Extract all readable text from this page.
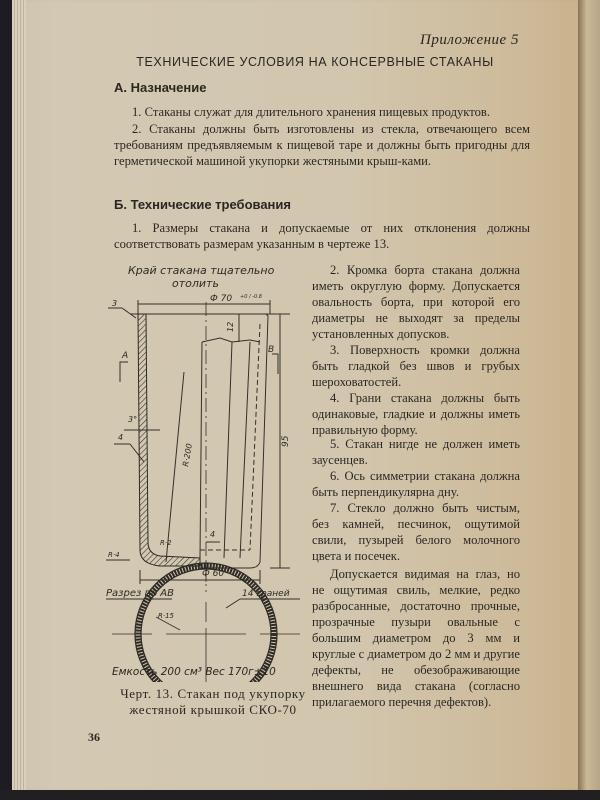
Приложение 5
ТЕХНИЧЕСКИЕ УСЛОВИЯ НА КОНСЕРВНЫЕ СТАКАНЫ
А. Назначение
1. Стаканы служат для длительного хранения пищевых продуктов.
2. Стаканы должны быть изготовлены из стекла, отвечающего всем требованиям предъявляемым к пищевой таре и должны быть пригодны для герметической машиной укупорки жестяными крыш-ками.
Б. Технические требования
1. Размеры стакана и допускаемые от них отклонения должны соответствовать размерам указанным в чертеже 13.
2. Кромка борта стакана должна иметь округлую форму. Допускается овальность борта, при которой его диаметры не выходят за пределы установленных допусков.
3. Поверхность кромки должна быть гладкой без швов и грубых шероховатостей.
4. Грани стакана должны быть одинаковые, гладкие и должны иметь правильную форму.
5. Стакан нигде не должен иметь заусенцев.
6. Ось симметрии стакана должна быть перпендикулярна дну.
7. Стекло должно быть чистым, без камней, песчинок, ощутимой свили, пузырей белого молочного цвета и посечек.
Допускается видимая на глаз, но не ощутимая свиль, мелкие, редко разбросанные, достаточно прочные, прозрачные пузыри овальные с большим диаметром до 3 мм и круглые с диаметром до 2 мм и другие дефекты, не обезображивающие внешнего вида стакана (согласно прилагаемого перечня дефектов).
Край стакана тщательно
отолить
Ф 70 +0 / -0.8
3
12
95
А
В
3°
R·200
4
R·2
R·4
4
Ф 60
Разрез по АВ	14 граней
R·15
Емкость 200 см³ Вес 170г±10
Черт. 13. Стакан под укупорку
жестяной крышкой СКО-70
36
